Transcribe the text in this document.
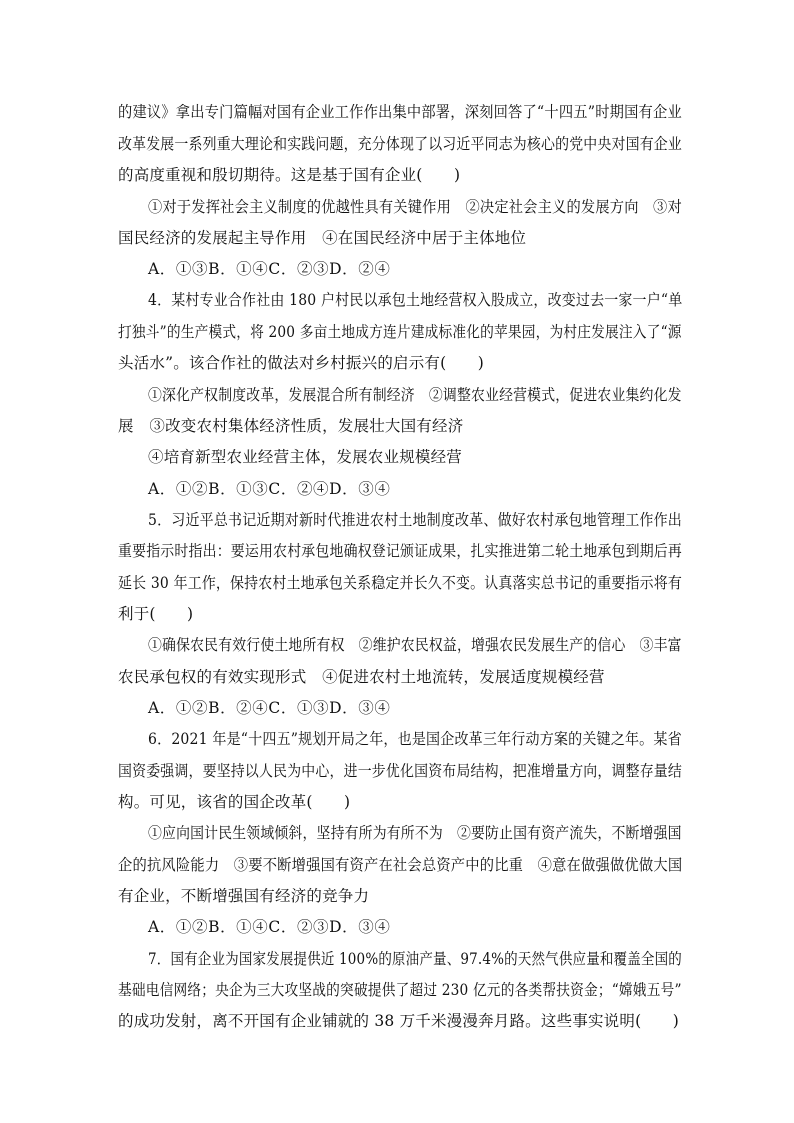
的建议》拿出专门篇幅对国有企业工作作出集中部署，深刻回答了“十四五”时期国有企业
改革发展一系列重大理论和实践问题，充分体现了以习近平同志为核心的党中央对国有企业
的高度重视和殷切期待。这是基于国有企业(　　)
①对于发挥社会主义制度的优越性具有关键作用　②决定社会主义的发展方向　③对
国民经济的发展起主导作用　④在国民经济中居于主体地位
A．①③B．①④C．②③D．②④
4．某村专业合作社由 180 户村民以承包土地经营权入股成立，改变过去一家一户“单
打独斗”的生产模式，将 200 多亩土地成方连片建成标准化的苹果园，为村庄发展注入了“源
头活水”。该合作社的做法对乡村振兴的启示有(　　)
①深化产权制度改革，发展混合所有制经济　②调整农业经营模式，促进农业集约化发
展　③改变农村集体经济性质，发展壮大国有经济
④培育新型农业经营主体，发展农业规模经营
A．①②B．①③C．②④D．③④
5．习近平总书记近期对新时代推进农村土地制度改革、做好农村承包地管理工作作出
重要指示时指出：要运用农村承包地确权登记颁证成果，扎实推进第二轮土地承包到期后再
延长 30 年工作，保持农村土地承包关系稳定并长久不变。认真落实总书记的重要指示将有
利于(　　)
①确保农民有效行使土地所有权　②维护农民权益，增强农民发展生产的信心　③丰富
农民承包权的有效实现形式　④促进农村土地流转，发展适度规模经营
A．①②B．②④C．①③D．③④
6．2021 年是“十四五”规划开局之年，也是国企改革三年行动方案的关键之年。某省
国资委强调，要坚持以人民为中心，进一步优化国资布局结构，把准增量方向，调整存量结
构。可见，该省的国企改革(　　)
①应向国计民生领域倾斜，坚持有所为有所不为　②要防止国有资产流失，不断增强国
企的抗风险能力　③要不断增强国有资产在社会总资产中的比重　④意在做强做优做大国
有企业，不断增强国有经济的竞争力
A．①②B．①④C．②③D．③④
7．国有企业为国家发展提供近 100%的原油产量、97.4%的天然气供应量和覆盖全国的
基础电信网络；央企为三大攻坚战的突破提供了超过 230 亿元的各类帮扶资金；“嫦娥五号”
的成功发射，离不开国有企业铺就的 38 万千米漫漫奔月路。这些事实说明(　　)
